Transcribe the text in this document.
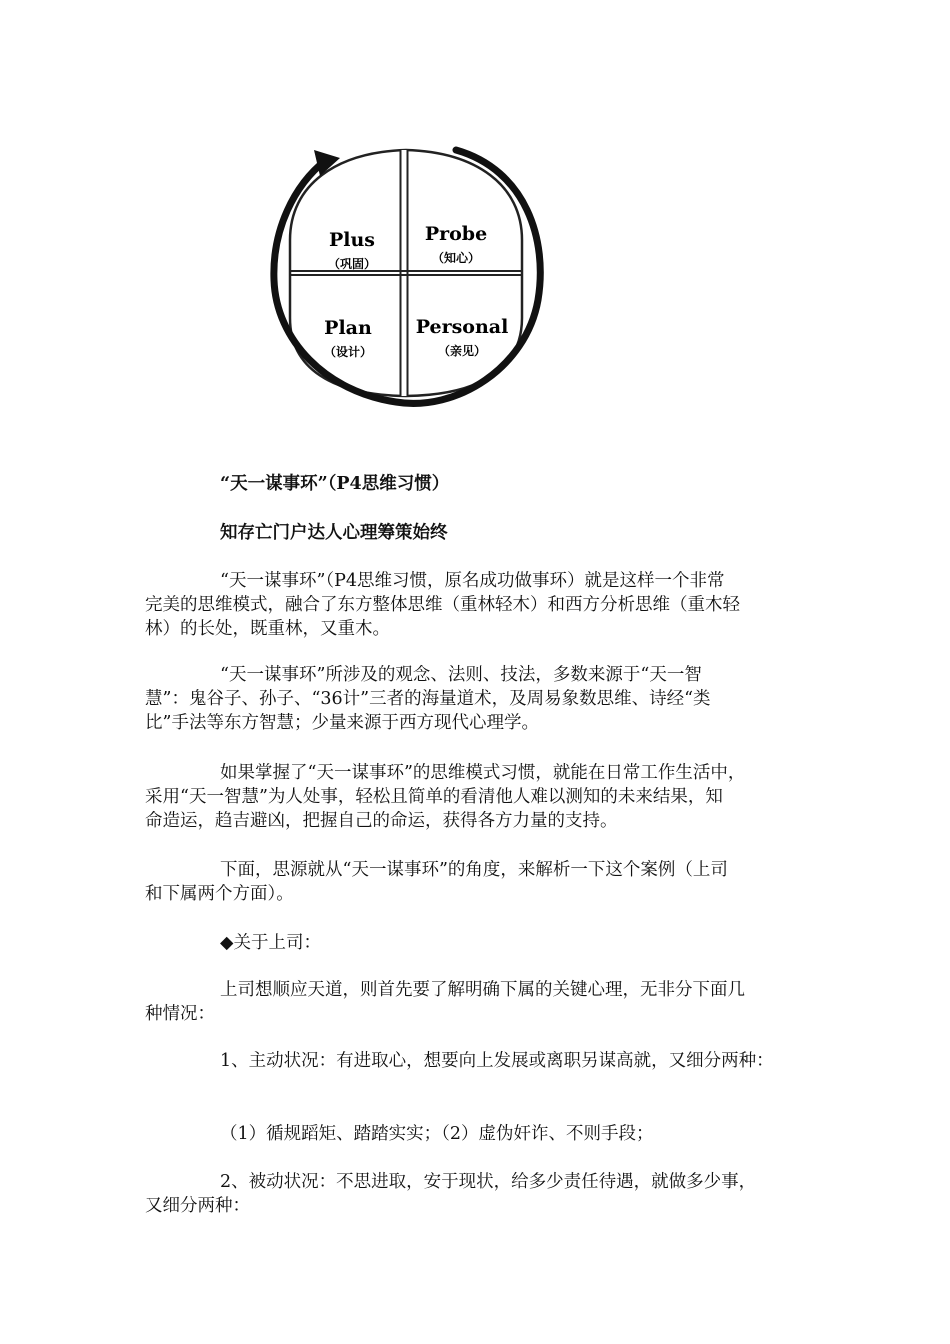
Plus
（巩固）
Probe
（知心）
Plan
（设计）
Personal
（亲见）
“天一谋事环”（P4思维习惯）
知存亡门户达人心理筹策始终
“天一谋事环”（P4思维习惯，原名成功做事环）就是这样一个非常
完美的思维模式，融合了东方整体思维（重林轻木）和西方分析思维（重木轻
林）的长处，既重林，又重木。
“天一谋事环”所涉及的观念、法则、技法，多数来源于“天一智
慧”：鬼谷子、孙子、“36计”三者的海量道术，及周易象数思维、诗经“类
比”手法等东方智慧；少量来源于西方现代心理学。
如果掌握了“天一谋事环”的思维模式习惯，就能在日常工作生活中，
采用“天一智慧”为人处事，轻松且简单的看清他人难以测知的未来结果，知
命造运，趋吉避凶，把握自己的命运，获得各方力量的支持。
下面，思源就从“天一谋事环”的角度，来解析一下这个案例（上司
和下属两个方面）。
◆关于上司：
上司想顺应天道，则首先要了解明确下属的关键心理，无非分下面几
种情况：
1、主动状况：有进取心，想要向上发展或离职另谋高就，又细分两种：
（1）循规蹈矩、踏踏实实；（2）虚伪奸诈、不则手段；
2、被动状况：不思进取，安于现状，给多少责任待遇，就做多少事，
又细分两种：
